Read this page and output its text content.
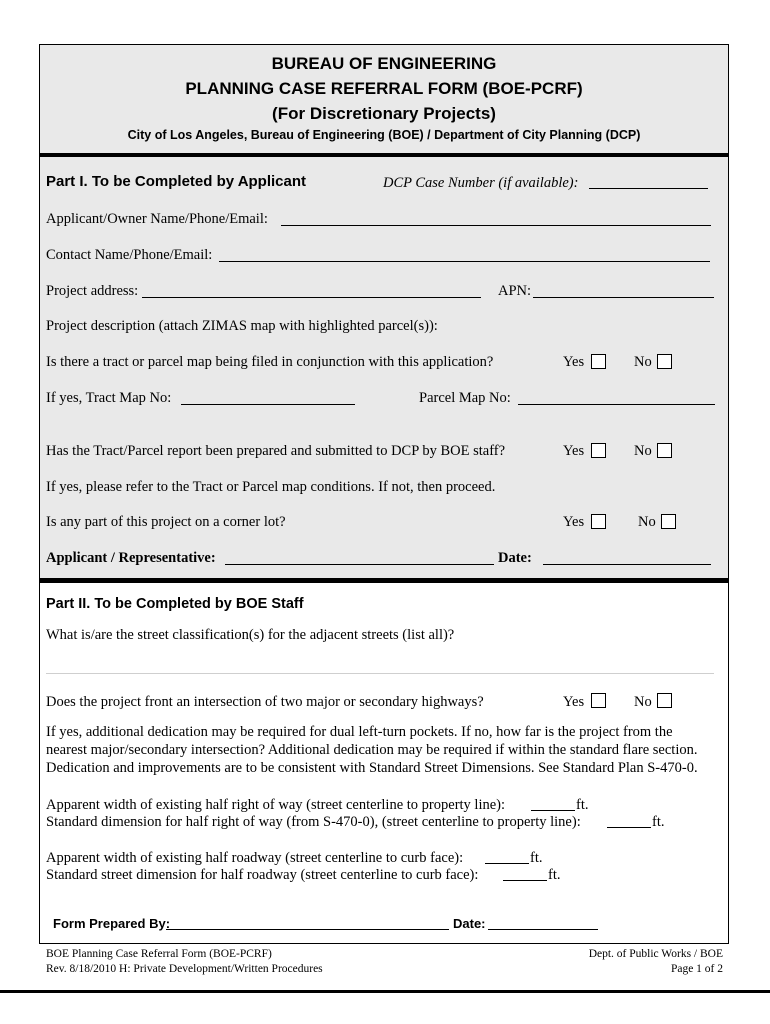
BUREAU OF ENGINEERING
PLANNING CASE REFERRAL FORM (BOE-PCRF)
(For Discretionary Projects)
City of Los Angeles, Bureau of Engineering (BOE) / Department of City Planning (DCP)
Part I. To be Completed by Applicant	DCP Case Number (if available):
Applicant/Owner Name/Phone/Email:
Contact Name/Phone/Email:
Project address:	APN:
Project description (attach ZIMAS map with highlighted parcel(s)):
Is there a tract or parcel map being filed in conjunction with this application?	Yes	No
If yes, Tract Map No:	Parcel Map No:
Has the Tract/Parcel report been prepared and submitted to DCP by BOE staff?	Yes	No
If yes, please refer to the Tract or Parcel map conditions. If not, then proceed.
Is any part of this project on a corner lot?	Yes	No
Applicant / Representative:	Date:
Part II. To be Completed by BOE Staff
What is/are the street classification(s) for the adjacent streets (list all)?
Does the project front an intersection of two major or secondary highways?	Yes	No
If yes, additional dedication may be required for dual left-turn pockets. If no, how far is the project from the
nearest major/secondary intersection? Additional dedication may be required if within the standard flare section.
Dedication and improvements are to be consistent with Standard Street Dimensions. See Standard Plan S-470-0.
Apparent width of existing half right of way (street centerline to property line):	ft.
Standard dimension for half right of way (from S-470-0), (street centerline to property line):	ft.
Apparent width of existing half roadway (street centerline to curb face):	ft.
Standard street dimension for half roadway (street centerline to curb face):	ft.
Form Prepared By:	Date:
BOE Planning Case Referral Form (BOE-PCRF)
Rev. 8/18/2010 H: Private Development/Written Procedures
Dept. of Public Works / BOE
Page 1 of 2
